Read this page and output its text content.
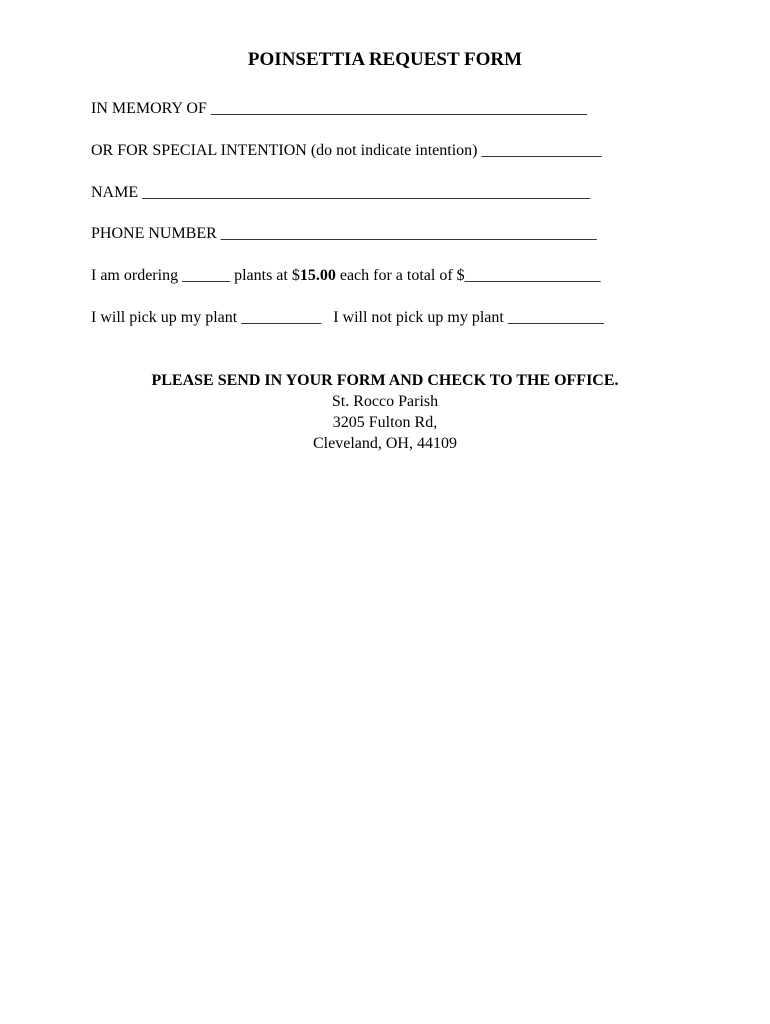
POINSETTIA REQUEST FORM

IN MEMORY OF _______________________________________________

OR FOR SPECIAL INTENTION (do not indicate intention) _______________

NAME ________________________________________________________

PHONE NUMBER _______________________________________________

I am ordering ______ plants at $15.00 each for a total of $_________________

I will pick up my plant __________   I will not pick up my plant ____________

PLEASE SEND IN YOUR FORM AND CHECK TO THE OFFICE.
St. Rocco Parish
3205 Fulton Rd,
Cleveland, OH, 44109
